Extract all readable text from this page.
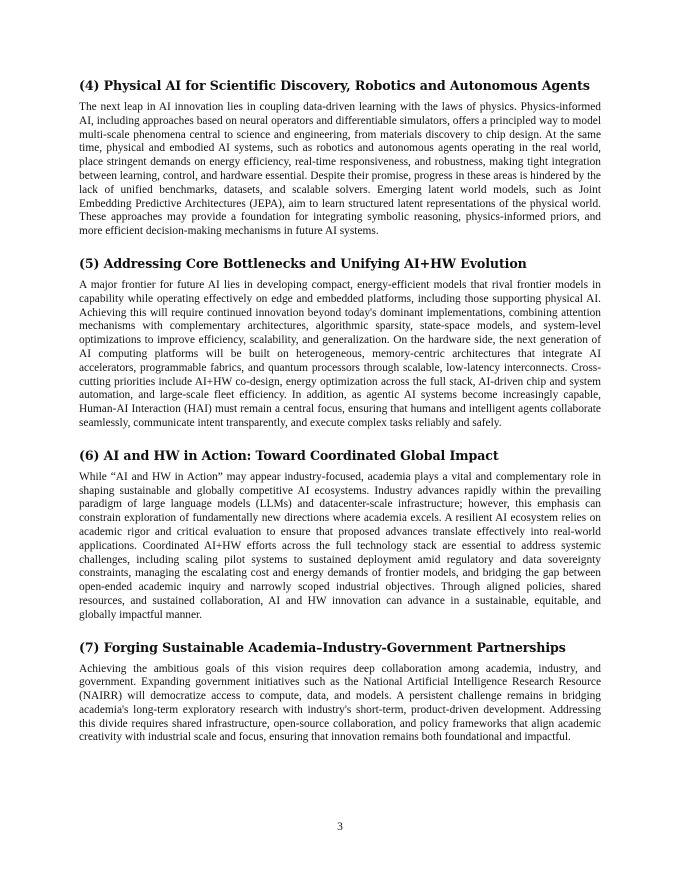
(4) Physical AI for Scientific Discovery, Robotics and Autonomous Agents

The next leap in AI innovation lies in coupling data-driven learning with the laws of physics. Physics-informed AI, including approaches based on neural operators and differentiable simulators, offers a principled way to model multi-scale phenomena central to science and engineering, from materials discovery to chip design. At the same time, physical and embodied AI systems, such as robotics and autonomous agents operating in the real world, place stringent demands on energy efficiency, real-time responsiveness, and robustness, making tight integration between learning, control, and hardware essential. Despite their promise, progress in these areas is hindered by the lack of unified benchmarks, datasets, and scalable solvers. Emerging latent world models, such as Joint Embedding Predictive Architectures (JEPA), aim to learn structured latent representations of the physical world. These approaches may provide a foundation for integrating symbolic reasoning, physics-informed priors, and more efficient decision-making mechanisms in future AI systems.

(5) Addressing Core Bottlenecks and Unifying AI+HW Evolution

A major frontier for future AI lies in developing compact, energy-efficient models that rival frontier models in capability while operating effectively on edge and embedded platforms, including those supporting physical AI. Achieving this will require continued innovation beyond today's dominant implementations, combining attention mechanisms with complementary architectures, algorithmic sparsity, state-space models, and system-level optimizations to improve efficiency, scalability, and generalization. On the hardware side, the next generation of AI computing platforms will be built on heterogeneous, memory-centric architectures that integrate AI accelerators, programmable fabrics, and quantum processors through scalable, low-latency interconnects. Cross-cutting priorities include AI+HW co-design, energy optimization across the full stack, AI-driven chip and system automation, and large-scale fleet efficiency. In addition, as agentic AI systems become increasingly capable, Human-AI Interaction (HAI) must remain a central focus, ensuring that humans and intelligent agents collaborate seamlessly, communicate intent transparently, and execute complex tasks reliably and safely.

(6) AI and HW in Action: Toward Coordinated Global Impact

While “AI and HW in Action” may appear industry-focused, academia plays a vital and complementary role in shaping sustainable and globally competitive AI ecosystems. Industry advances rapidly within the prevailing paradigm of large language models (LLMs) and datacenter-scale infrastructure; however, this emphasis can constrain exploration of fundamentally new directions where academia excels. A resilient AI ecosystem relies on academic rigor and critical evaluation to ensure that proposed advances translate effectively into real-world applications. Coordinated AI+HW efforts across the full technology stack are essential to address systemic challenges, including scaling pilot systems to sustained deployment amid regulatory and data sovereignty constraints, managing the escalating cost and energy demands of frontier models, and bridging the gap between open-ended academic inquiry and narrowly scoped industrial objectives. Through aligned policies, shared resources, and sustained collaboration, AI and HW innovation can advance in a sustainable, equitable, and globally impactful manner.

(7) Forging Sustainable Academia–Industry-Government Partnerships

Achieving the ambitious goals of this vision requires deep collaboration among academia, industry, and government. Expanding government initiatives such as the National Artificial Intelligence Research Resource (NAIRR) will democratize access to compute, data, and models. A persistent challenge remains in bridging academia's long-term exploratory research with industry's short-term, product-driven development. Addressing this divide requires shared infrastructure, open-source collaboration, and policy frameworks that align academic creativity with industrial scale and focus, ensuring that innovation remains both foundational and impactful.

3
